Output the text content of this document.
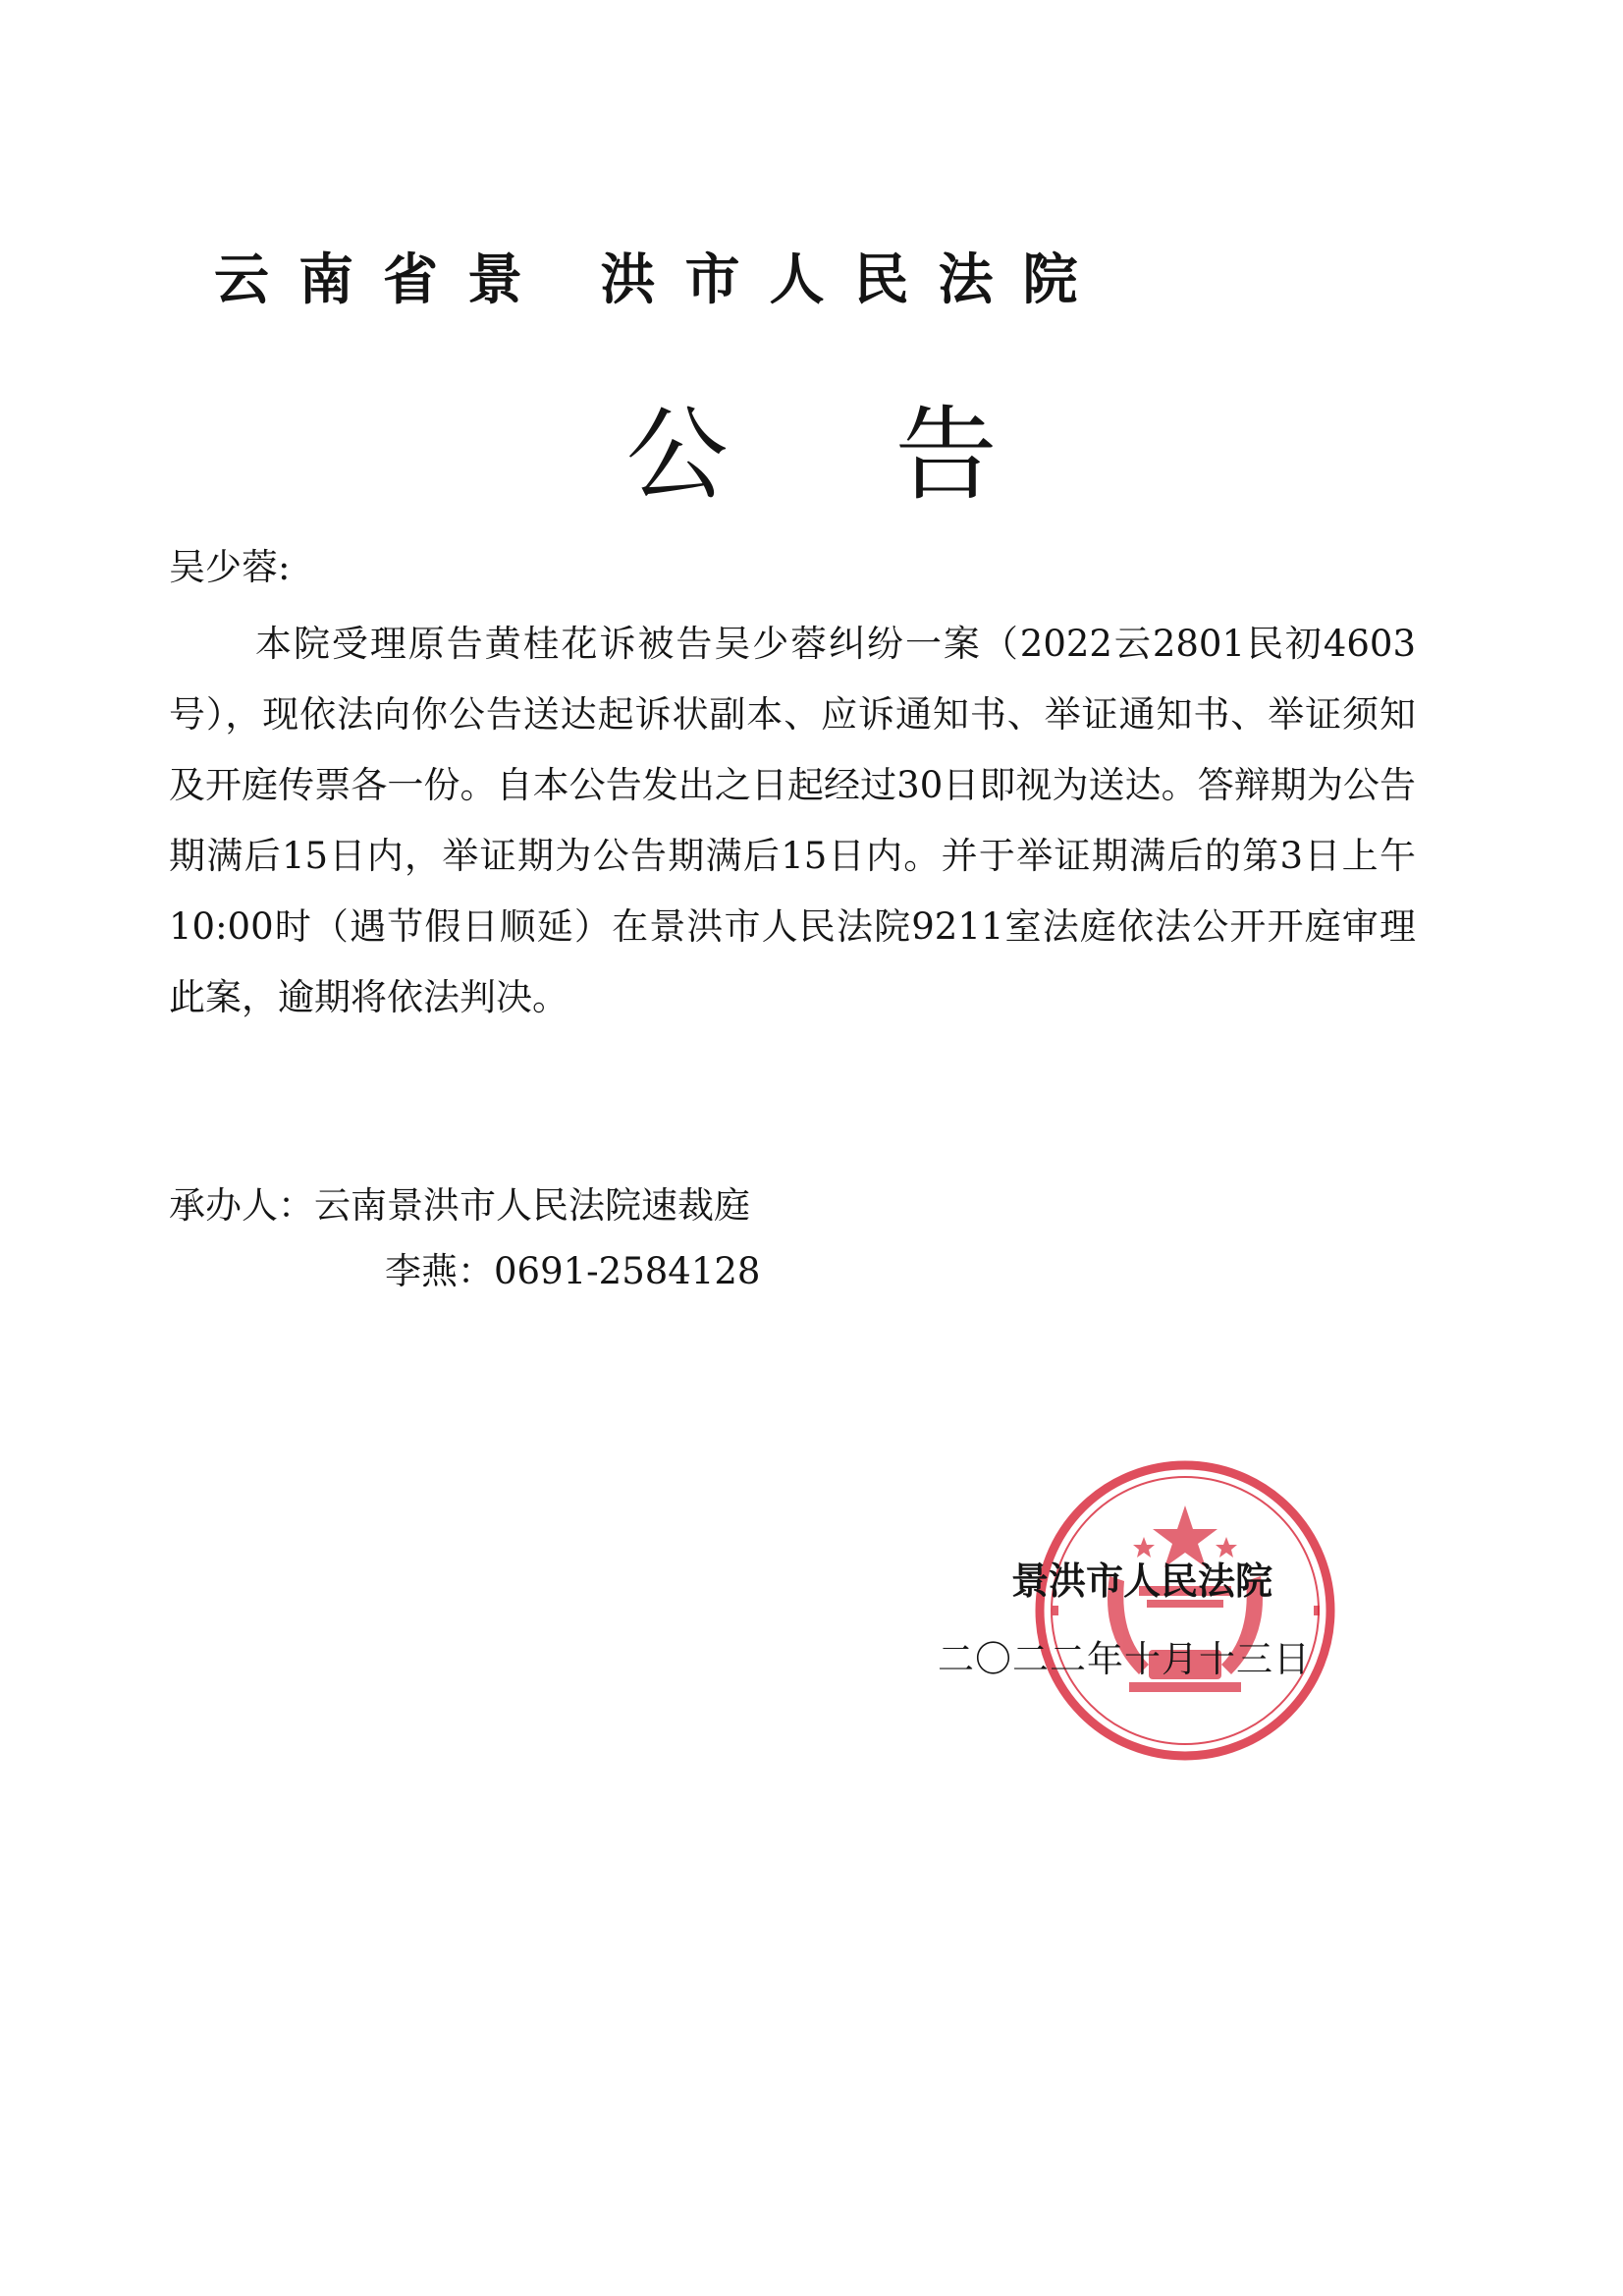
云南省景 洪市人民法院
公告
吴少蓉:

本院受理原告黄桂花诉被告吴少蓉纠纷一案（2022云2801民初4603号），现依法向你公告送达起诉状副本、应诉通知书、举证通知书、举证须知及开庭传票各一份。自本公告发出之日起经过30日即视为送达。答辩期为公告期满后15日内，举证期为公告期满后15日内。并于举证期满后的第3日上午10:00时（遇节假日顺延）在景洪市人民法院9211室法庭依法公开开庭审理此案，逾期将依法判决。

承办人：云南景洪市人民法院速裁庭
李燕：0691-2584128
景洪市人民法院
二〇二二年十月十三日
